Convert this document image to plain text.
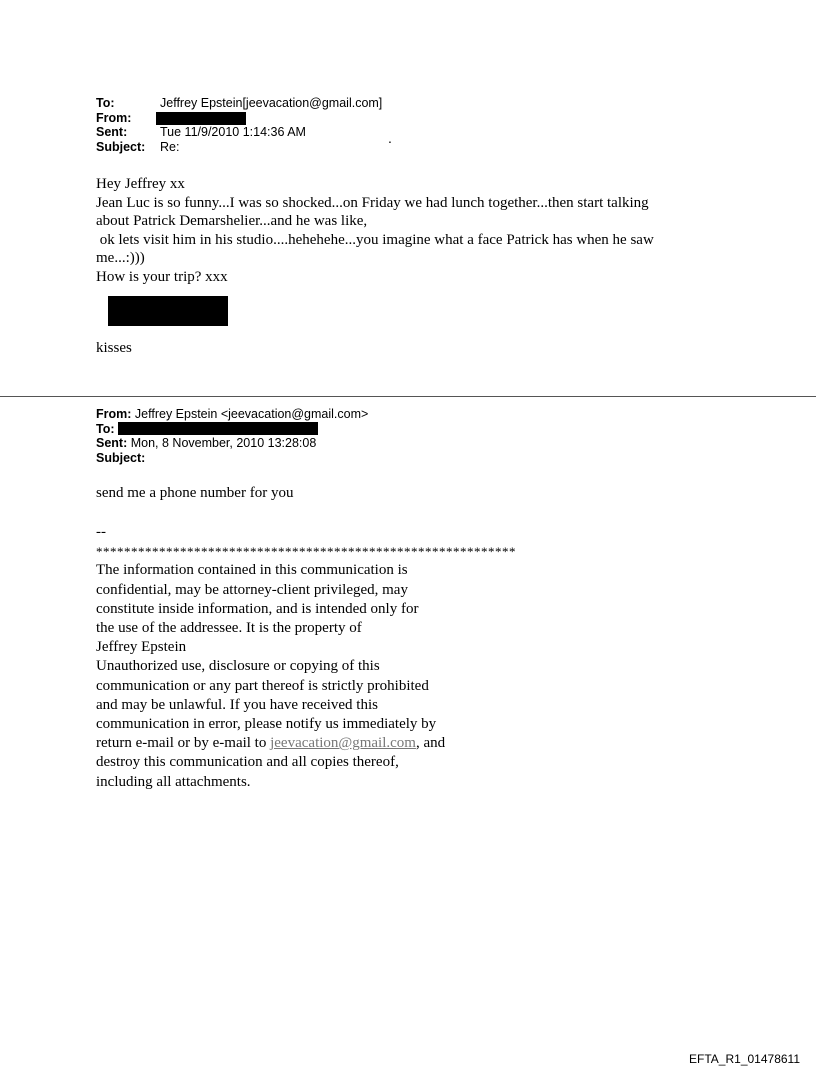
To:	Jeffrey Epstein[jeevacation@gmail.com]
From:
Sent:	Tue 11/9/2010 1:14:36 AM
Subject:	Re:
.

Hey Jeffrey xx

Jean Luc is so funny...I was so shocked...on Friday we had lunch together...then start talking

about Patrick Demarshelier...and he was like,

ok lets visit him in his studio....hehehehe...you imagine what a face Patrick has when he saw

me...:)))

How is your trip? xxx

kisses
From: Jeffrey Epstein <jeevacation@gmail.com>
To:
Sent: Mon, 8 November, 2010 13:28:08
Subject:
send me a phone number for you
--
************************************************************
The information contained in this communication is
confidential, may be attorney-client privileged, may
constitute inside information, and is intended only for
the use of the addressee. It is the property of
Jeffrey Epstein
Unauthorized use, disclosure or copying of this
communication or any part thereof is strictly prohibited
and may be unlawful. If you have received this
communication in error, please notify us immediately by
return e-mail or by e-mail to jeevacation@gmail.com, and
destroy this communication and all copies thereof,
including all attachments.
EFTA_R1_01478611
